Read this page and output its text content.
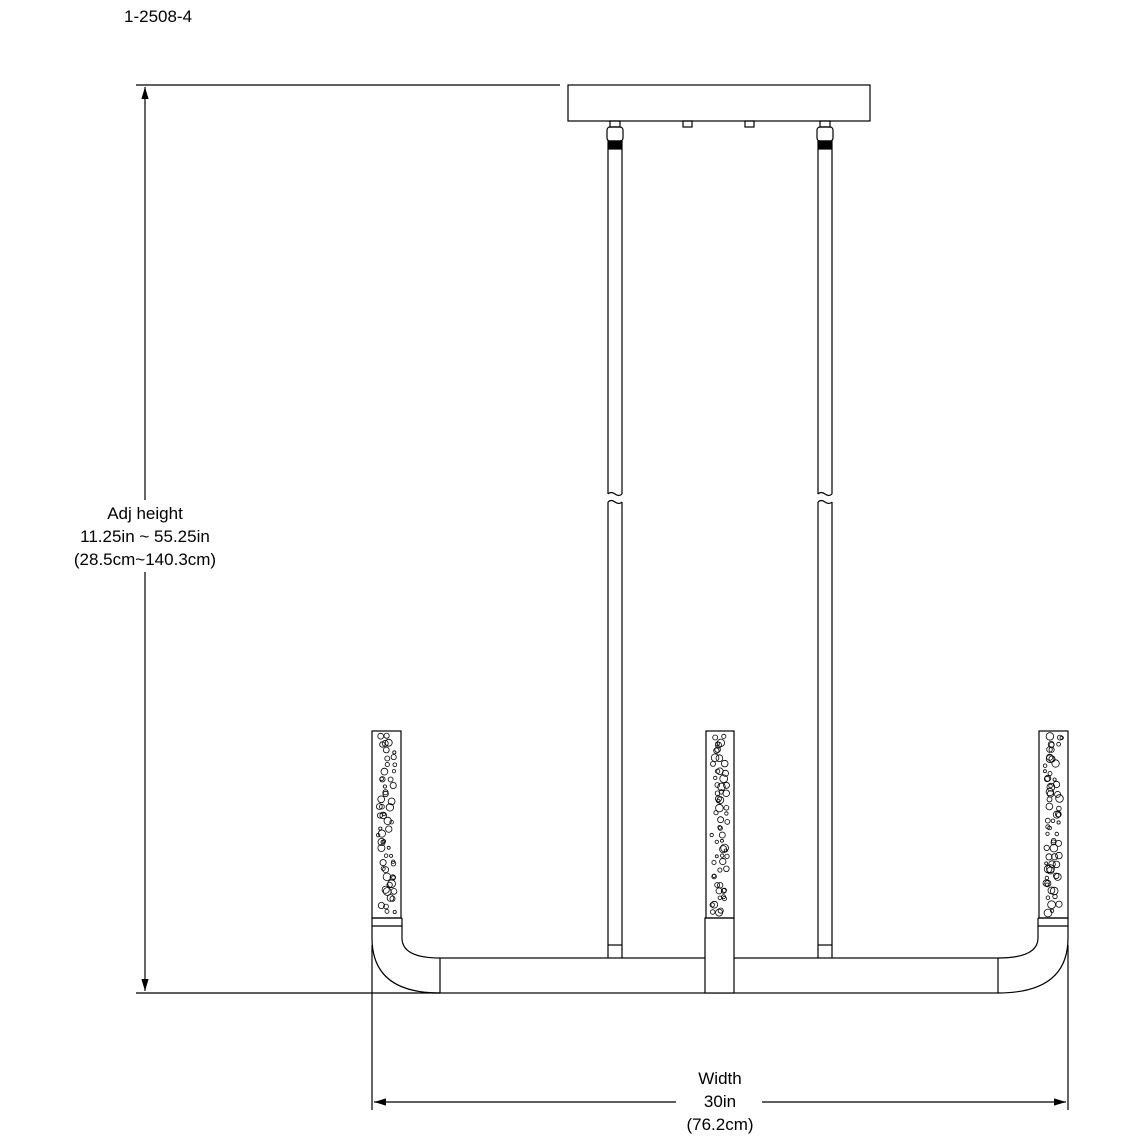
1-2508-4
Adj height
11.25in ~ 55.25in
(28.5cm~140.3cm)
Width
30in
(76.2cm)
